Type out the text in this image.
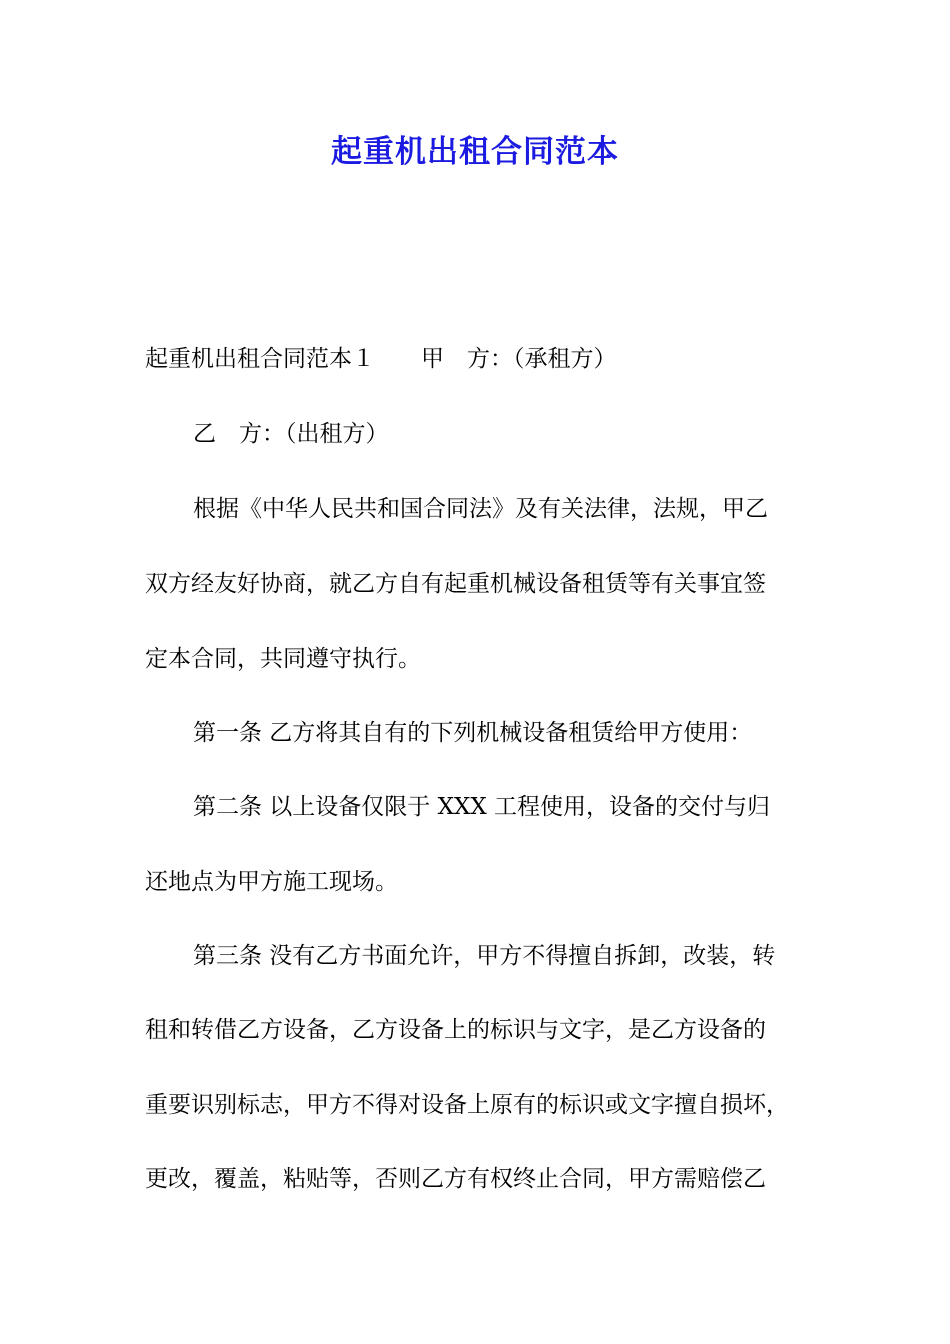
起重机出租合同范本

起重机出租合同范本１ 甲　方：（承租方）

乙　方：（出租方）

根据《中华人民共和国合同法》及有关法律，法规，甲乙

双方经友好协商，就乙方自有起重机械设备租赁等有关事宜签

定本合同，共同遵守执行。

第一条 乙方将其自有的下列机械设备租赁给甲方使用：

第二条 以上设备仅限于 XXX 工程使用，设备的交付与归

还地点为甲方施工现场。

第三条 没有乙方书面允许，甲方不得擅自拆卸，改装，转

租和转借乙方设备，乙方设备上的标识与文字，是乙方设备的

重要识别标志，甲方不得对设备上原有的标识或文字擅自损坏，

更改，覆盖，粘贴等，否则乙方有权终止合同，甲方需赔偿乙
